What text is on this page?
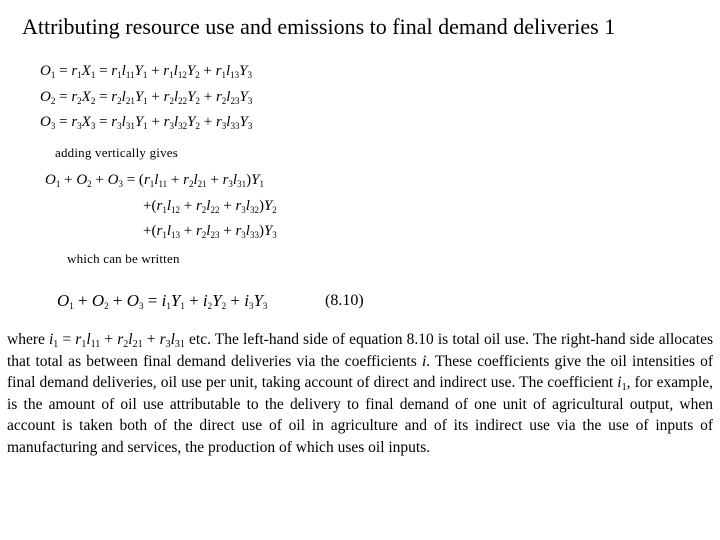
Attributing resource use and emissions to final demand deliveries 1
$O_1 = r_1X_1 = r_1l_{11}Y_1 + r_1l_{12}Y_2 + r_1l_{13}Y_3$
$O_2 = r_2X_2 = r_2l_{21}Y_1 + r_2l_{22}Y_2 + r_2l_{23}Y_3$
$O_3 = r_3X_3 = r_3l_{31}Y_1 + r_3l_{32}Y_2 + r_3l_{33}Y_3$
adding vertically gives
$O_1 + O_2 + O_3 = (r_1l_{11} + r_2l_{21} + r_3l_{31})Y_1$
$+(r_1l_{12} + r_2l_{22} + r_3l_{32})Y_2$
$+(r_1l_{13} + r_2l_{23} + r_3l_{33})Y_3$
which can be written
$O_1 + O_2 + O_3 = i_1Y_1 + i_2Y_2 + i_3Y_3$	(8.10)
where $i_1 = r_1l_{11} + r_2l_{21} + r_3l_{31}$ etc. The left-hand side of equation 8.10 is total oil use. The right-hand side allocates that total as between final demand deliveries via the coefficients i. These coefficients give the oil intensities of final demand deliveries, oil use per unit, taking account of direct and indirect use. The coefficient $i_1$, for example, is the amount of oil use attributable to the delivery to final demand of one unit of agricultural output, when account is taken both of the direct use of oil in agriculture and of its indirect use via the use of inputs of manufacturing and services, the production of which uses oil inputs.
